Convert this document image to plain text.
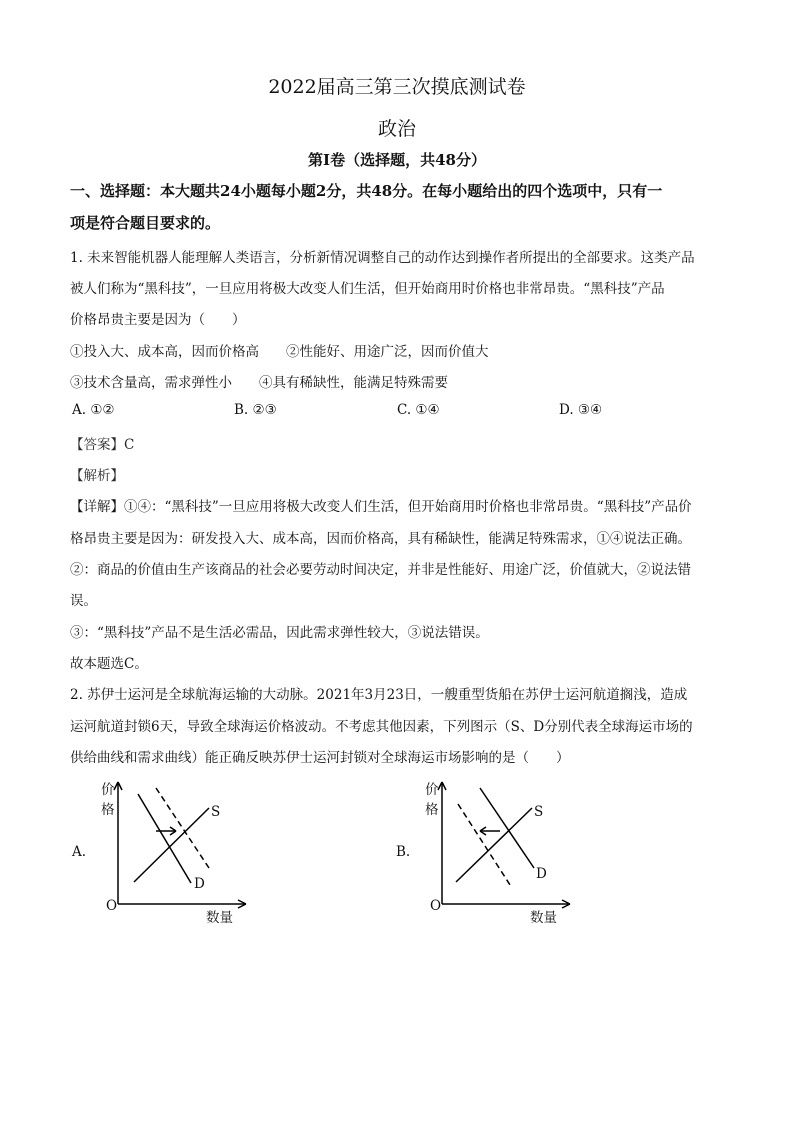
2022届高三第三次摸底测试卷
政治
第Ⅰ卷（选择题，共48分）
一、选择题：本大题共24小题每小题2分，共48分。在每小题给出的四个选项中，只有一
项是符合题目要求的。
1. 未来智能机器人能理解人类语言，分析新情况调整自己的动作达到操作者所提出的全部要求。这类产品
被人们称为“黑科技”，一旦应用将极大改变人们生活，但开始商用时价格也非常昂贵。“黑科技”产品
价格昂贵主要是因为（　　）
①投入大、成本高，因而价格高　　②性能好、用途广泛，因而价值大
③技术含量高，需求弹性小　　④具有稀缺性，能满足特殊需要
A. ①②	B. ②③	C. ①④	D. ③④
【答案】C
【解析】
【详解】①④：“黑科技”一旦应用将极大改变人们生活，但开始商用时价格也非常昂贵。“黑科技”产品价
格昂贵主要是因为：研发投入大、成本高，因而价格高，具有稀缺性，能满足特殊需求，①④说法正确。
②：商品的价值由生产该商品的社会必要劳动时间决定，并非是性能好、用途广泛，价值就大，②说法错
误。
③：“黑科技”产品不是生活必需品，因此需求弹性较大，③说法错误。
故本题选C。
2. 苏伊士运河是全球航海运输的大动脉。2021年3月23日，一艘重型货船在苏伊士运河航道搁浅，造成
运河航道封锁6天，导致全球海运价格波动。不考虑其他因素，下列图示（S、D分别代表全球海运市场的
供给曲线和需求曲线）能正确反映苏伊士运河封锁对全球海运市场影响的是（　　）
A.
价
格
O
数量
S
D
B.
价
格
O
数量
S
D
